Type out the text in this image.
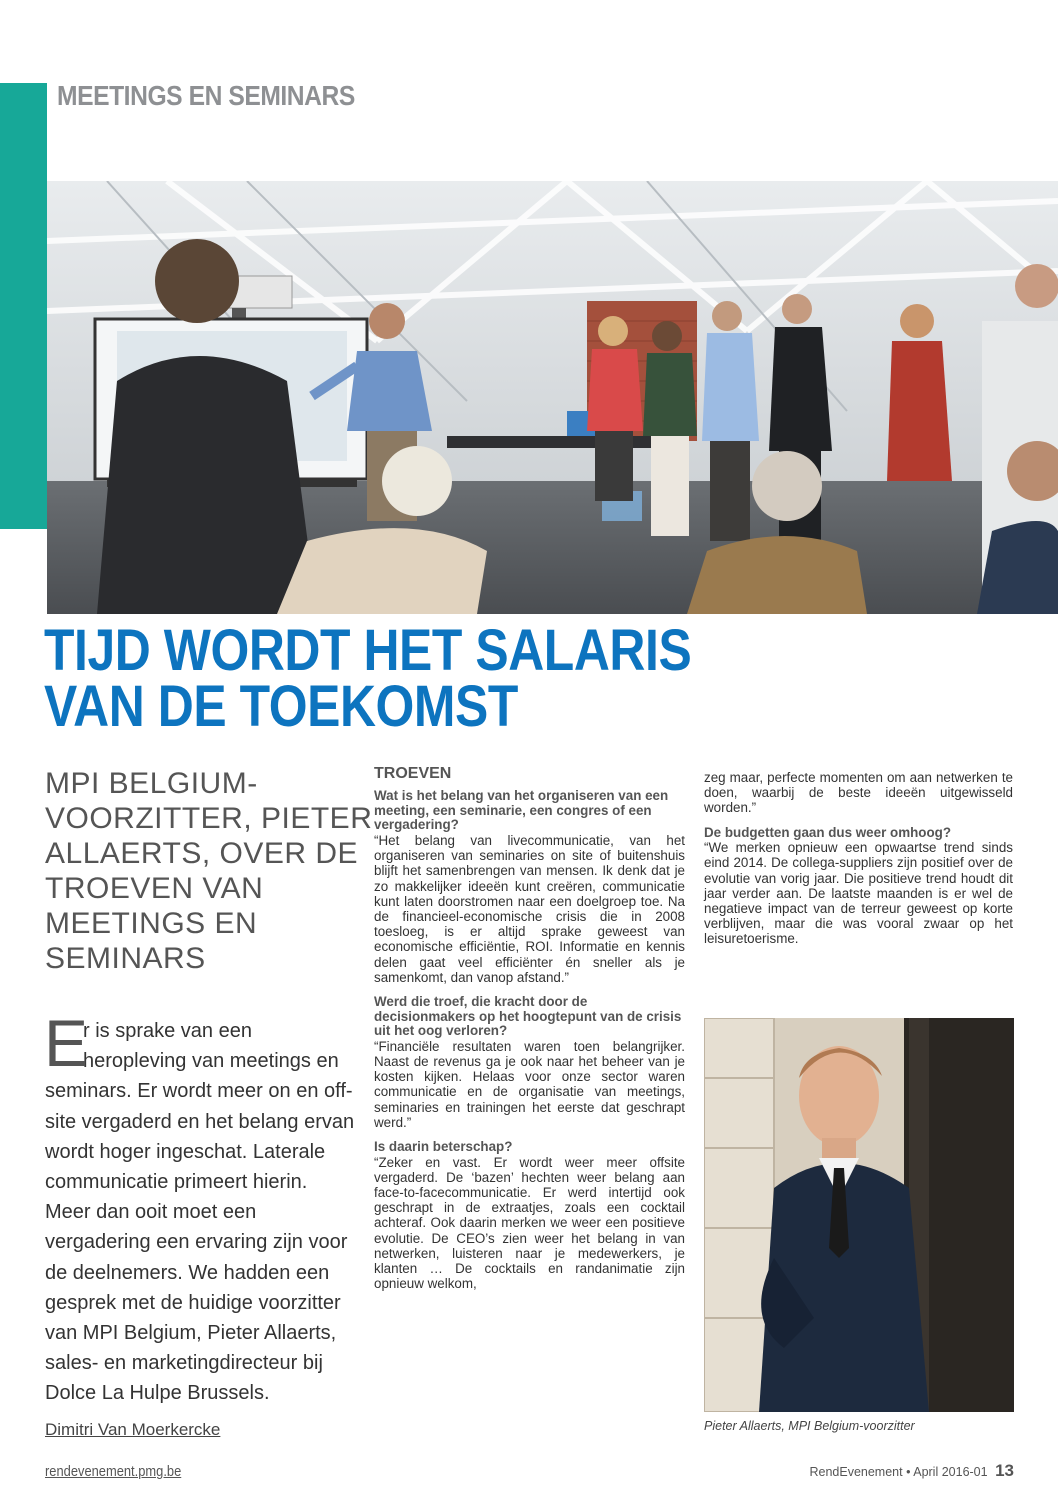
MEETINGS EN SEMINARS
TIJD WORDT HET SALARIS
VAN DE TOEKOMST
MPI BELGIUM-
VOORZITTER, PIETER
ALLAERTS, OVER DE
TROEVEN VAN
MEETINGS EN
SEMINARS
E
r is sprake van een
heropleving van meetings en
seminars. Er wordt meer on en off-
site vergaderd en het belang ervan
wordt hoger ingeschat. Laterale
communicatie primeert hierin.
Meer dan ooit moet een
vergadering een ervaring zijn voor
de deelnemers. We hadden een
gesprek met de huidige voorzitter
van MPI Belgium, Pieter Allaerts,
sales- en marketingdirecteur bij
Dolce La Hulpe Brussels.
Dimitri Van Moerkercke
TROEVEN
Wat is het belang van het organiseren van een meeting, een seminarie, een congres of een vergadering?

“Het belang van livecommunicatie, van het organiseren van seminaries on site of buitenshuis blijft het samenbrengen van mensen. Ik denk dat je zo makkelijker ideeën kunt creëren, communicatie kunt laten doorstromen naar een doelgroep toe. Na de financieel-economische crisis die in 2008 toesloeg, is er altijd sprake geweest van economische efficiëntie, ROI. Informatie en kennis delen gaat veel efficiënter én sneller als je samenkomt, dan vanop afstand.”

Werd die troef, die kracht door de decisionmakers op het hoogtepunt van de crisis uit het oog verloren?

“Financiële resultaten waren toen belangrijker. Naast de revenus ga je ook naar het beheer van je kosten kijken. Helaas voor onze sector waren communicatie en de organisatie van meetings, seminaries en trainingen het eerste dat geschrapt werd.”

Is daarin beterschap?

“Zeker en vast. Er wordt weer meer offsite vergaderd. De ‘bazen’ hechten weer belang aan face-to-facecommunicatie. Er werd intertijd ook geschrapt in de extraatjes, zoals een cocktail achteraf. Ook daarin merken we weer een positieve evolutie. De CEO’s zien weer het belang in van netwerken, luisteren naar je medewerkers, je klanten … De cocktails en randanimatie zijn opnieuw welkom,

zeg maar, perfecte momenten om aan netwerken te doen, waarbij de beste ideeën uitgewisseld worden.”

De budgetten gaan dus weer omhoog?

“We merken opnieuw een opwaartse trend sinds eind 2014. De collega-suppliers zijn positief over de evolutie van vorig jaar. Die positieve trend houdt dit jaar verder aan. De laatste maanden is er wel de negatieve impact van de terreur geweest op korte verblijven, maar die was vooral zwaar op het leisuretoerisme.

Pieter Allaerts, MPI Belgium-voorzitter
rendevenement.pmg.be	RendEvenement • April 2016-01 13
